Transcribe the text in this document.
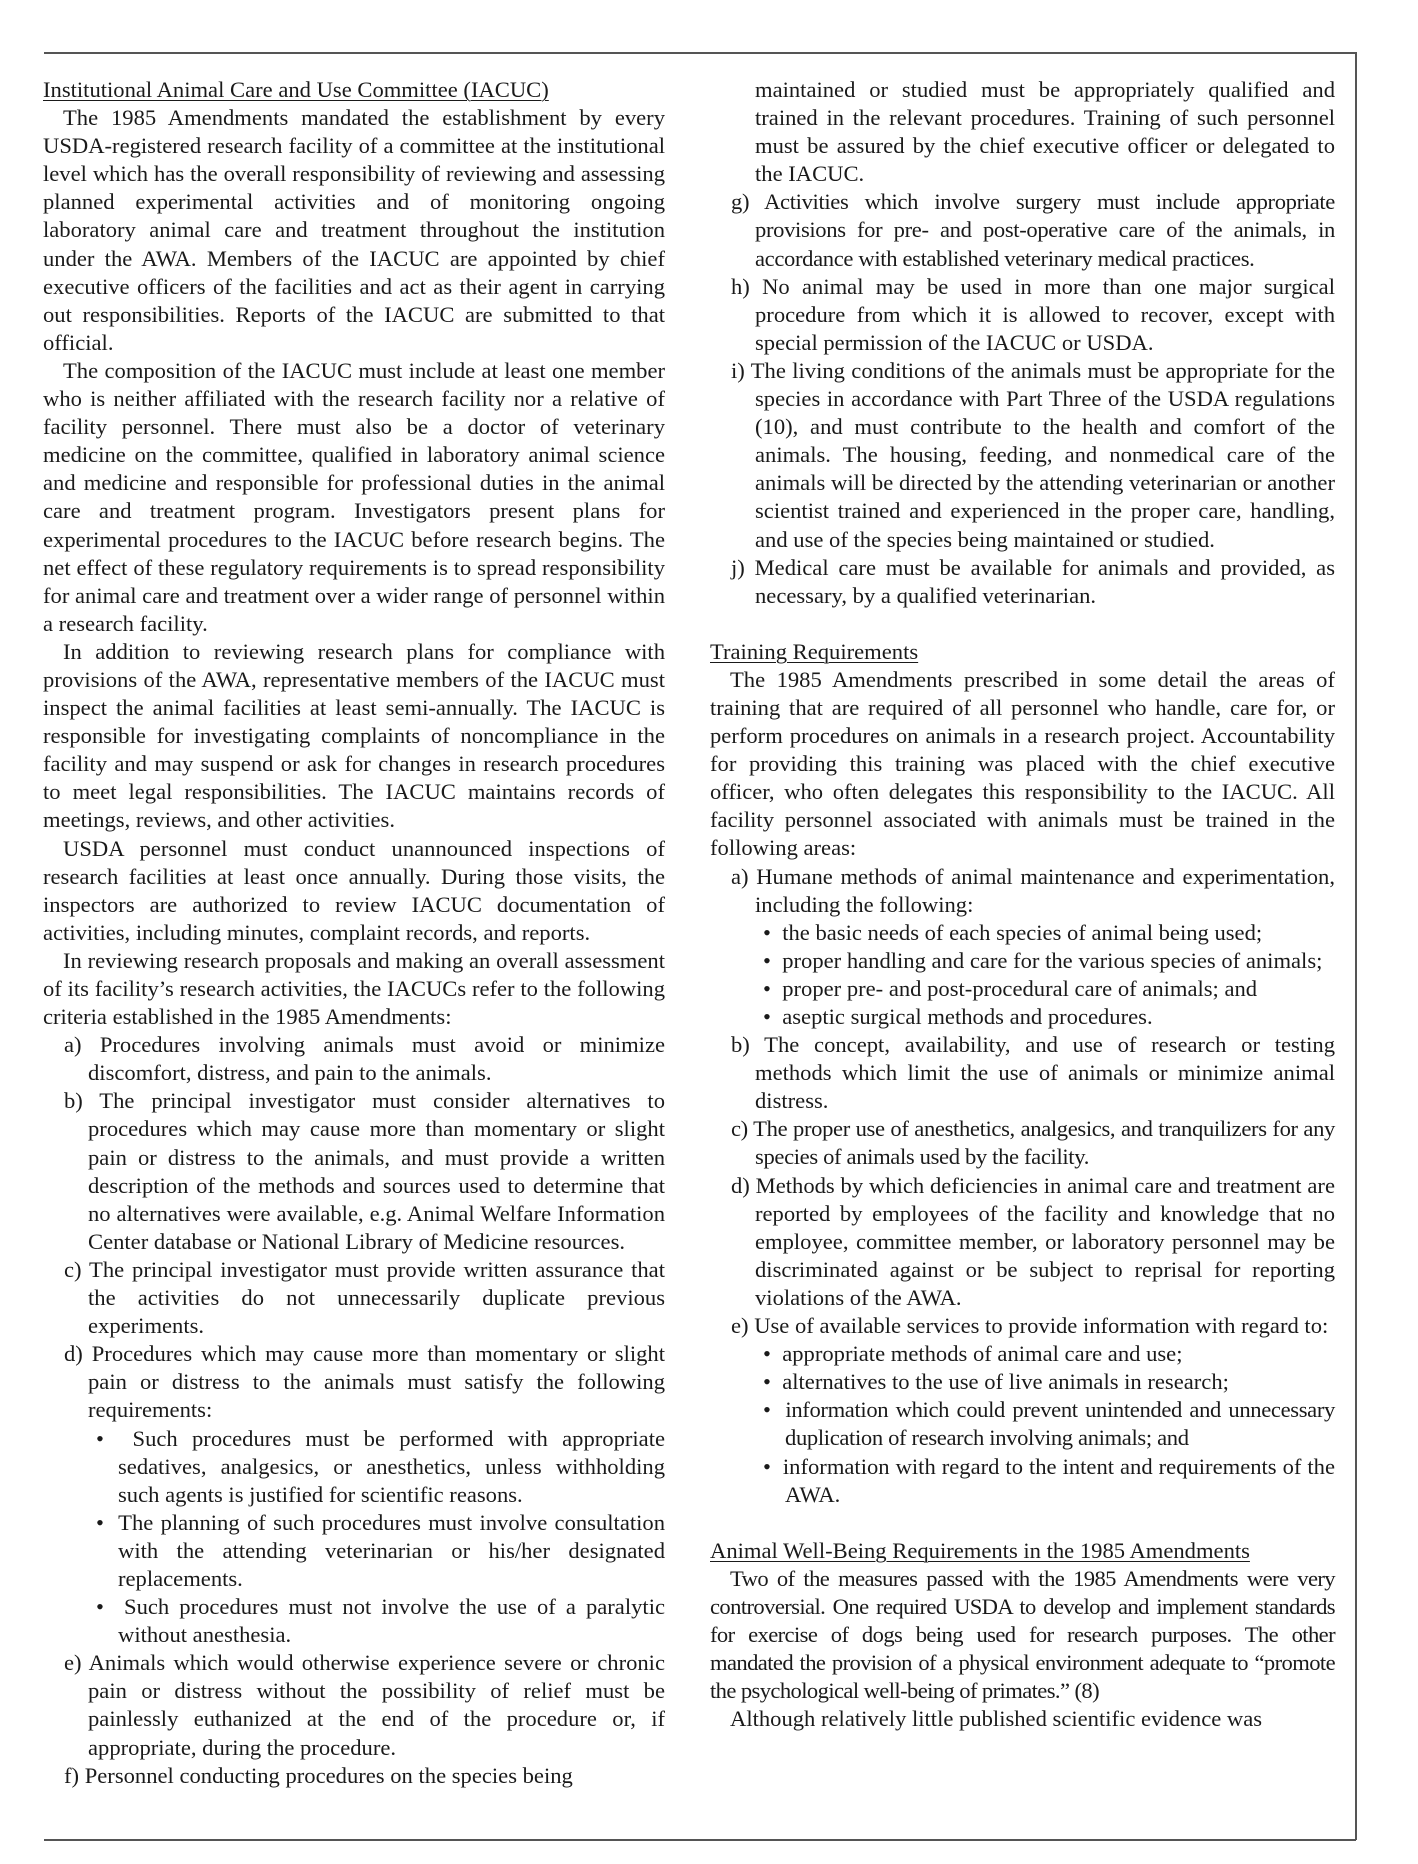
Institutional Animal Care and Use Committee (IACUC)

The 1985 Amendments mandated the establishment by every USDA-registered research facility of a committee at the institutional level which has the overall responsibility of reviewing and assessing planned experimental activities and of monitoring ongoing laboratory animal care and treatment throughout the institution under the AWA. Members of the IACUC are appointed by chief executive officers of the facilities and act as their agent in carrying out responsibilities. Reports of the IACUC are submitted to that official.

The composition of the IACUC must include at least one member who is neither affiliated with the research facility nor a relative of facility personnel. There must also be a doctor of veterinary medicine on the committee, qualified in laboratory animal science and medicine and responsible for professional duties in the animal care and treatment program. Investigators present plans for experimental procedures to the IACUC before research begins. The net effect of these regulatory requirements is to spread responsibility for animal care and treatment over a wider range of personnel within a research facility.

In addition to reviewing research plans for compliance with provisions of the AWA, representative members of the IACUC must inspect the animal facilities at least semi-annually. The IACUC is responsible for investigating complaints of noncompliance in the facility and may suspend or ask for changes in research procedures to meet legal responsibilities. The IACUC maintains records of meetings, reviews, and other activities.

USDA personnel must conduct unannounced inspections of research facilities at least once annually. During those visits, the inspectors are authorized to review IACUC documentation of activities, including minutes, complaint records, and reports.

In reviewing research proposals and making an overall assessment of its facility’s research activities, the IACUCs refer to the following criteria established in the 1985 Amendments:

a) Procedures involving animals must avoid or minimize discomfort, distress, and pain to the animals.

b) The principal investigator must consider alternatives to procedures which may cause more than momentary or slight pain or distress to the animals, and must provide a written description of the methods and sources used to determine that no alternatives were available, e.g. Animal Welfare Information Center database or National Library of Medicine resources.

c) The principal investigator must provide written assurance that the activities do not unnecessarily duplicate previous experiments.

d) Procedures which may cause more than momentary or slight pain or distress to the animals must satisfy the following requirements:

• Such procedures must be performed with appropriate sedatives, analgesics, or anesthetics, unless withholding such agents is justified for scientific reasons.

• The planning of such procedures must involve consultation with the attending veterinarian or his/her designated replacements.

• Such procedures must not involve the use of a paralytic without anesthesia.

e) Animals which would otherwise experience severe or chronic pain or distress without the possibility of relief must be painlessly euthanized at the end of the procedure or, if appropriate, during the procedure.

f) Personnel conducting procedures on the species being

maintained or studied must be appropriately qualified and trained in the relevant procedures. Training of such personnel must be assured by the chief executive officer or delegated to the IACUC.

g) Activities which involve surgery must include appropriate provisions for pre- and post-operative care of the animals, in accordance with established veterinary medical practices.

h) No animal may be used in more than one major surgical procedure from which it is allowed to recover, except with special permission of the IACUC or USDA.

i) The living conditions of the animals must be appropriate for the species in accordance with Part Three of the USDA regulations (10), and must contribute to the health and comfort of the animals. The housing, feeding, and nonmedical care of the animals will be directed by the attending veterinarian or another scientist trained and experienced in the proper care, handling, and use of the species being maintained or studied.

j) Medical care must be available for animals and provided, as necessary, by a qualified veterinarian.

Training Requirements

The 1985 Amendments prescribed in some detail the areas of training that are required of all personnel who handle, care for, or perform procedures on animals in a research project. Accountability for providing this training was placed with the chief executive officer, who often delegates this responsibility to the IACUC. All facility personnel associated with animals must be trained in the following areas:

a) Humane methods of animal maintenance and experimentation, including the following:

• the basic needs of each species of animal being used;

• proper handling and care for the various species of animals;

• proper pre- and post-procedural care of animals; and

• aseptic surgical methods and procedures.

b) The concept, availability, and use of research or testing methods which limit the use of animals or minimize animal distress.

c) The proper use of anesthetics, analgesics, and tranquilizers for any species of animals used by the facility.

d) Methods by which deficiencies in animal care and treatment are reported by employees of the facility and knowledge that no employee, committee member, or laboratory personnel may be discriminated against or be subject to reprisal for reporting violations of the AWA.

e) Use of available services to provide information with regard to:

• appropriate methods of animal care and use;

• alternatives to the use of live animals in research;

• information which could prevent unintended and unnecessary duplication of research involving animals; and

• information with regard to the intent and requirements of the AWA.

Animal Well-Being Requirements in the 1985 Amendments

Two of the measures passed with the 1985 Amendments were very controversial. One required USDA to develop and implement standards for exercise of dogs being used for research purposes. The other mandated the provision of a physical environment adequate to “promote the psychological well-being of primates.” (8)

Although relatively little published scientific evidence was
